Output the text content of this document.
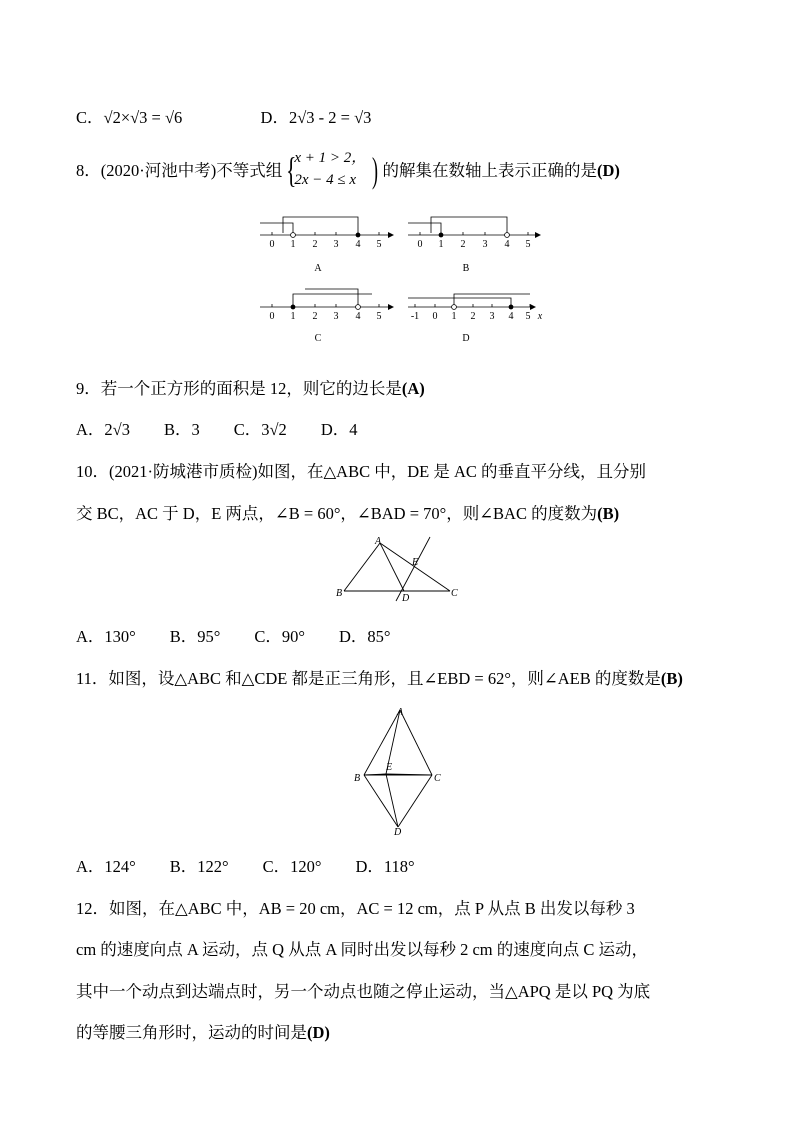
C．√2×√3 = √6	D．2√3 - 2 = √3
8．(2020·河池中考)不等式组
{

x + 1 > 2，

2x − 4 ≤ x

) 的解集在数轴上表示正确的是(D)
0 1 2 3 4 5
A
0 1 2 3 4 5
B
0 1 2 3 4 5
C
-1 0 1 2 3 4 5 x
D
9．若一个正方形的面积是 12，则它的边长是(A)
A．2√3 B．3 C．3√2 D．4
10．(2021·防城港市质检)如图，在△ABC 中，DE 是 AC 的垂直平分线，且分别
交 BC，AC 于 D，E 两点，∠B = 60°，∠BAD = 70°，则∠BAC 的度数为(B)
A
E
B	D	C
A．130° B．95° C．90° D．85°
11．如图，设△ABC 和△CDE 都是正三角形，且∠EBD = 62°，则∠AEB 的度数是(B)
A
E
B	C
D
A．124° B．122° C．120° D．118°
12．如图，在△ABC 中，AB = 20 cm，AC = 12 cm，点 P 从点 B 出发以每秒 3
cm 的速度向点 A 运动，点 Q 从点 A 同时出发以每秒 2 cm 的速度向点 C 运动，
其中一个动点到达端点时，另一个动点也随之停止运动，当△APQ 是以 PQ 为底
的等腰三角形时，运动的时间是(D)
